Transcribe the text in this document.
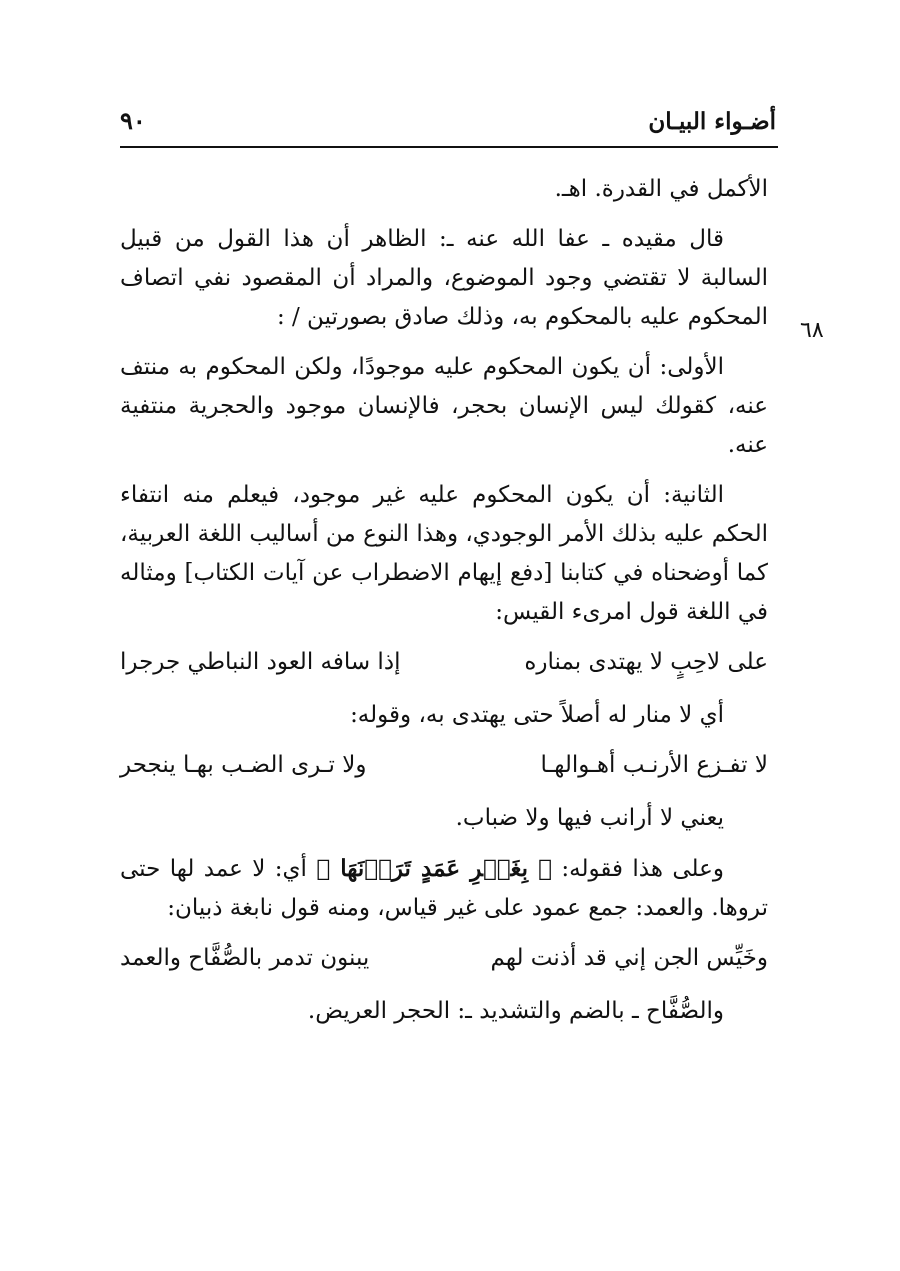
أضـواء البيـان
٩٠
٦٨

الأكمل في القدرة. اهـ.

قال مقيده ـ عفا الله عنه ـ: الظاهر أن هذا القول من قبيل السالبة لا تقتضي وجود الموضوع، والمراد أن المقصود نفي اتصاف المحكوم عليه بالمحكوم به، وذلك صادق بصورتين / :

الأولى: أن يكون المحكوم عليه موجودًا، ولكن المحكوم به منتف عنه، كقولك ليس الإنسان بحجر، فالإنسان موجود والحجرية منتفية عنه.

الثانية: أن يكون المحكوم عليه غير موجود، فيعلم منه انتفاء الحكم عليه بذلك الأمر الوجودي، وهذا النوع من أساليب اللغة العربية، كما أوضحناه في كتابنا [دفع إيهام الاضطراب عن آيات الكتاب] ومثاله في اللغة قول امرىء القيس:

على لاحِبٍ لا يهتدى بمناره
إذا سافه العود النباطي جرجرا

أي لا منار له أصلاً حتى يهتدى به، وقوله:

لا تفـزع الأرنـب أهـوالهـا
ولا تـرى الضـب بهـا ينجحر

يعني لا أرانب فيها ولا ضباب.

وعلى هذا فقوله: ﴿ بِغَيۡرِ عَمَدٍ تَرَوۡنَهَا ﴾ أي: لا عمد لها حتى تروها. والعمد: جمع عمود على غير قياس، ومنه قول نابغة ذبيان:

وخَيِّس الجن إني قد أذنت لهم
يبنون تدمر بالصُّفَّاح والعمد

والصُّفَّاح ـ بالضم والتشديد ـ: الحجر العريض.
